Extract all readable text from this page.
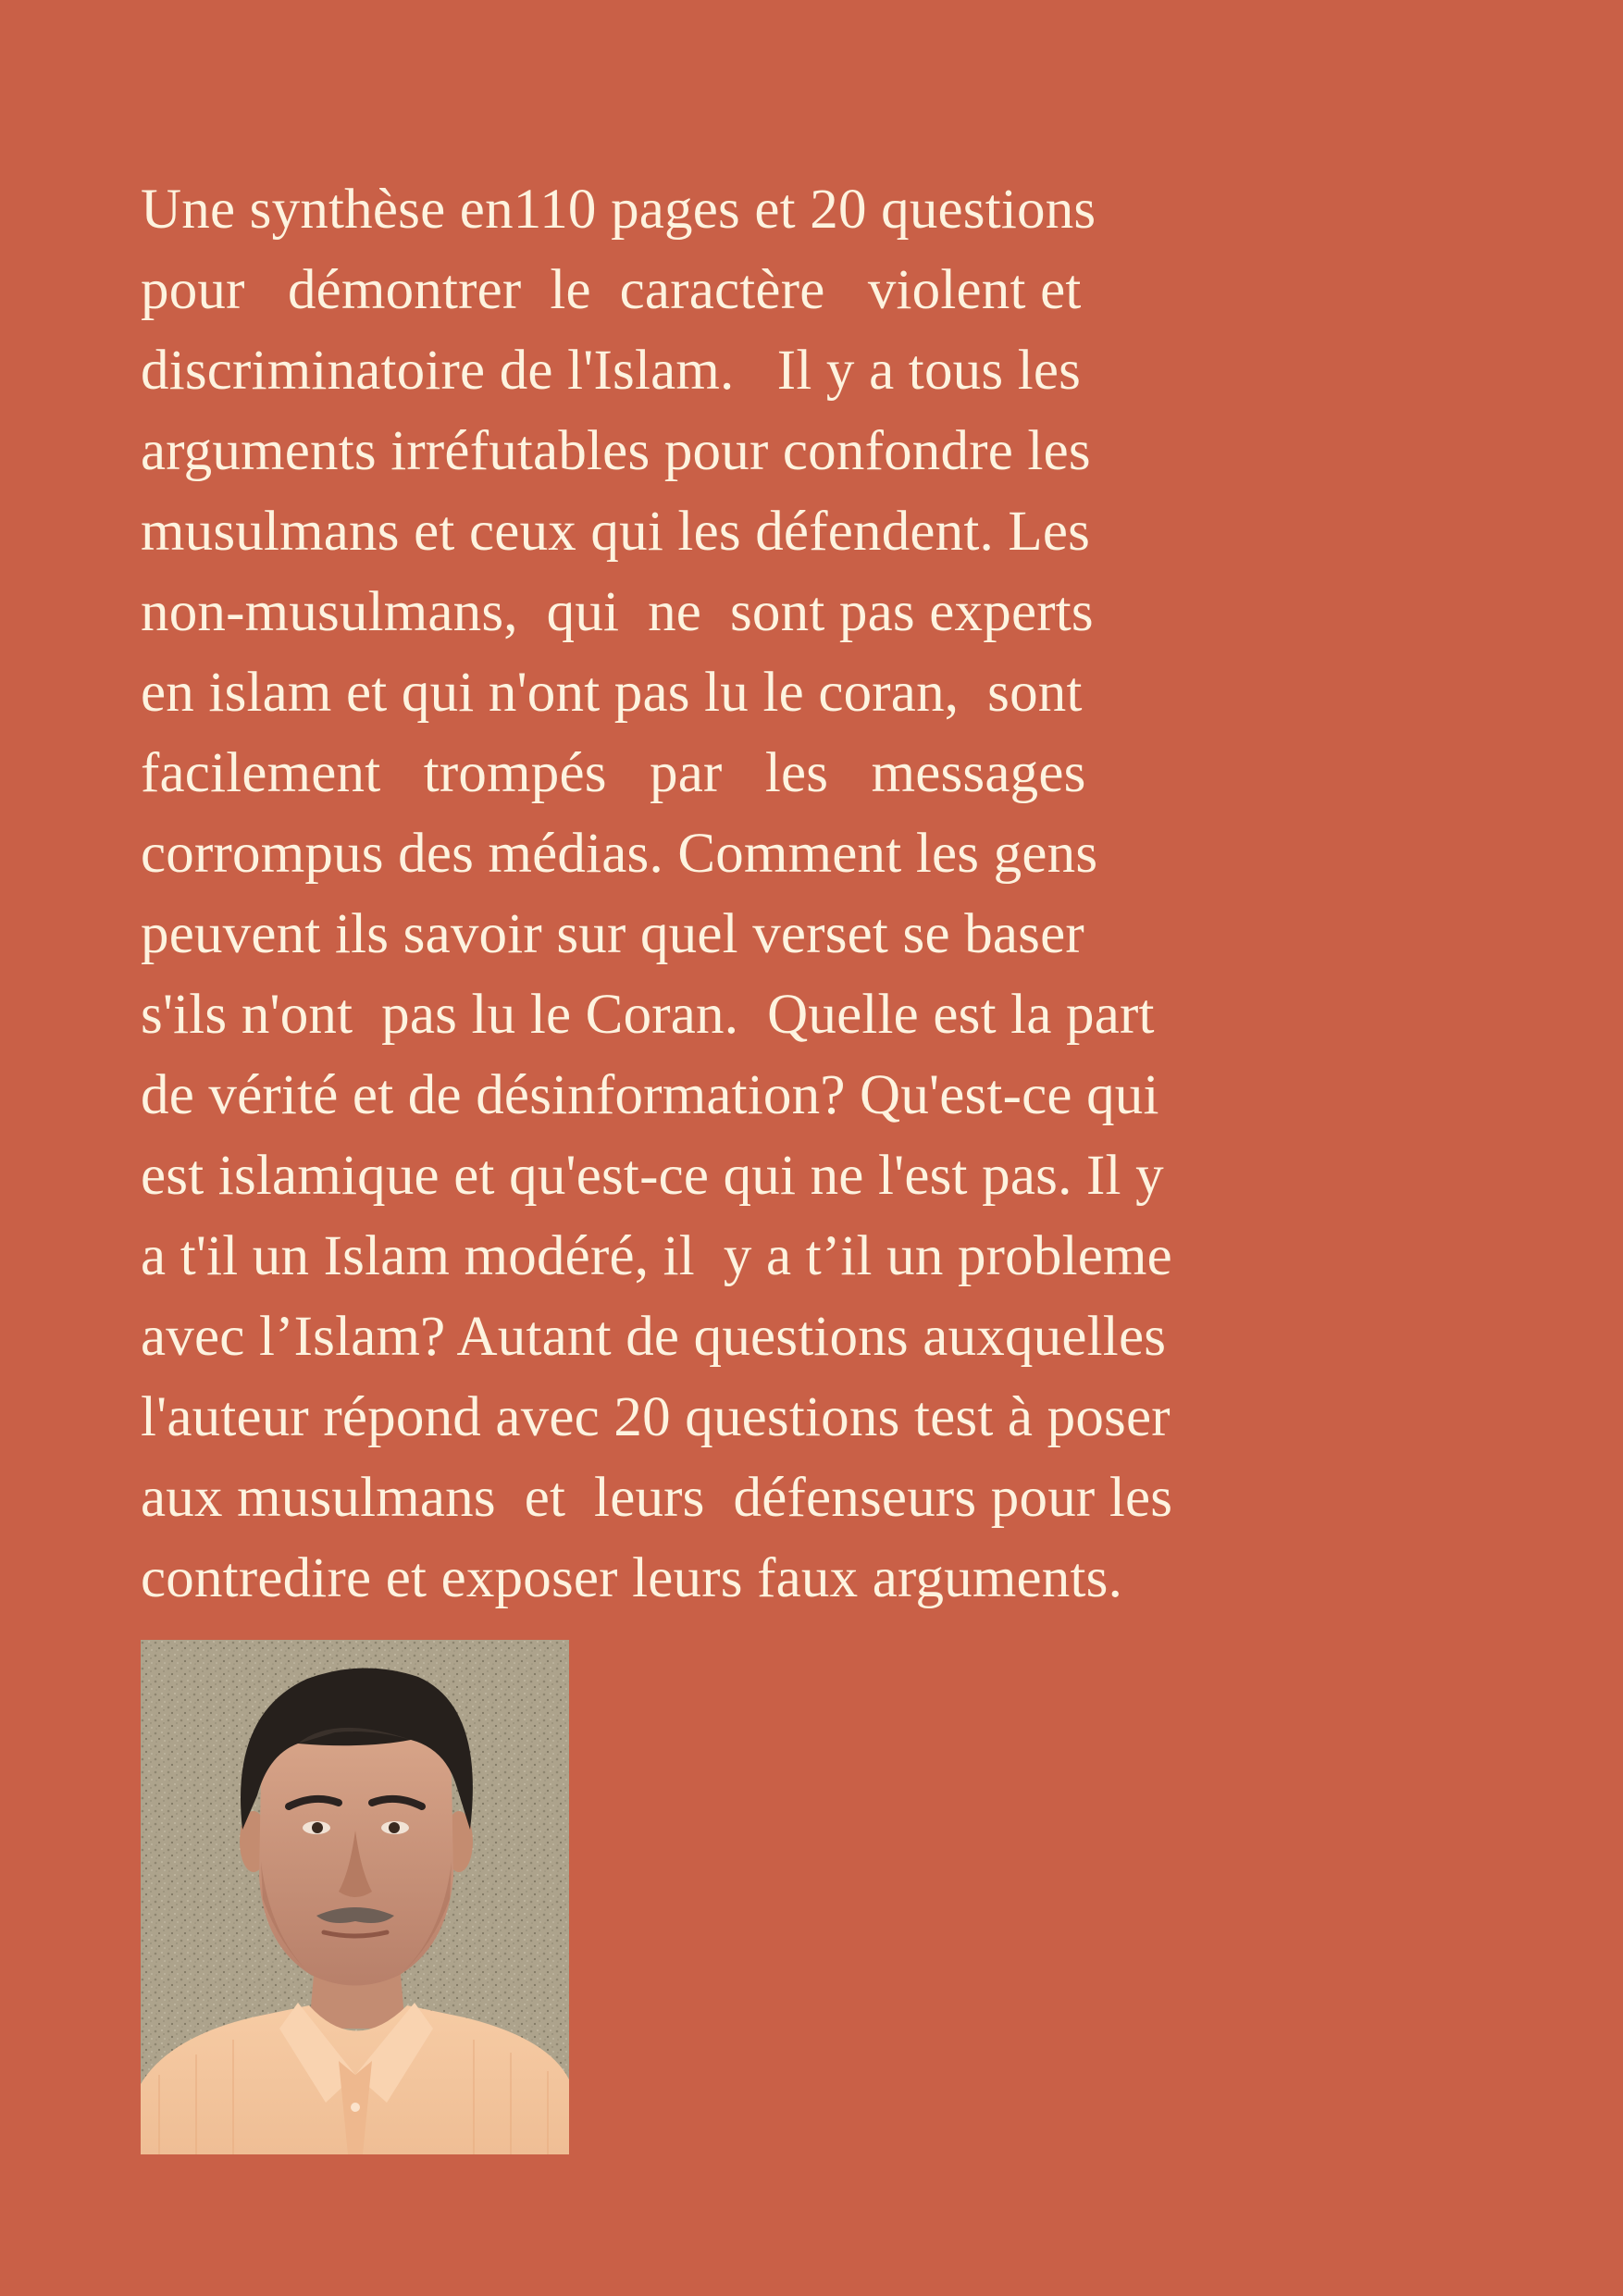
Une synthèse en110 pages et 20 questions
pour   démontrer  le  caractère   violent et
discriminatoire de l'Islam.   Il y a tous les
arguments irréfutables pour confondre les
musulmans et ceux qui les défendent. Les
non-musulmans,  qui  ne  sont pas experts
en islam et qui n'ont pas lu le coran,  sont
facilement   trompés   par   les   messages
corrompus des médias. Comment les gens
peuvent ils savoir sur quel verset se baser
s'ils n'ont  pas lu le Coran.  Quelle est la part
de vérité et de désinformation? Qu'est-ce qui
est islamique et qu'est-ce qui ne l'est pas. Il y
a t'il un Islam modéré, il  y a t’il un probleme
avec l’Islam? Autant de questions auxquelles
l'auteur répond avec 20 questions test à poser
aux musulmans  et  leurs  défenseurs pour les
contredire et exposer leurs faux arguments.
